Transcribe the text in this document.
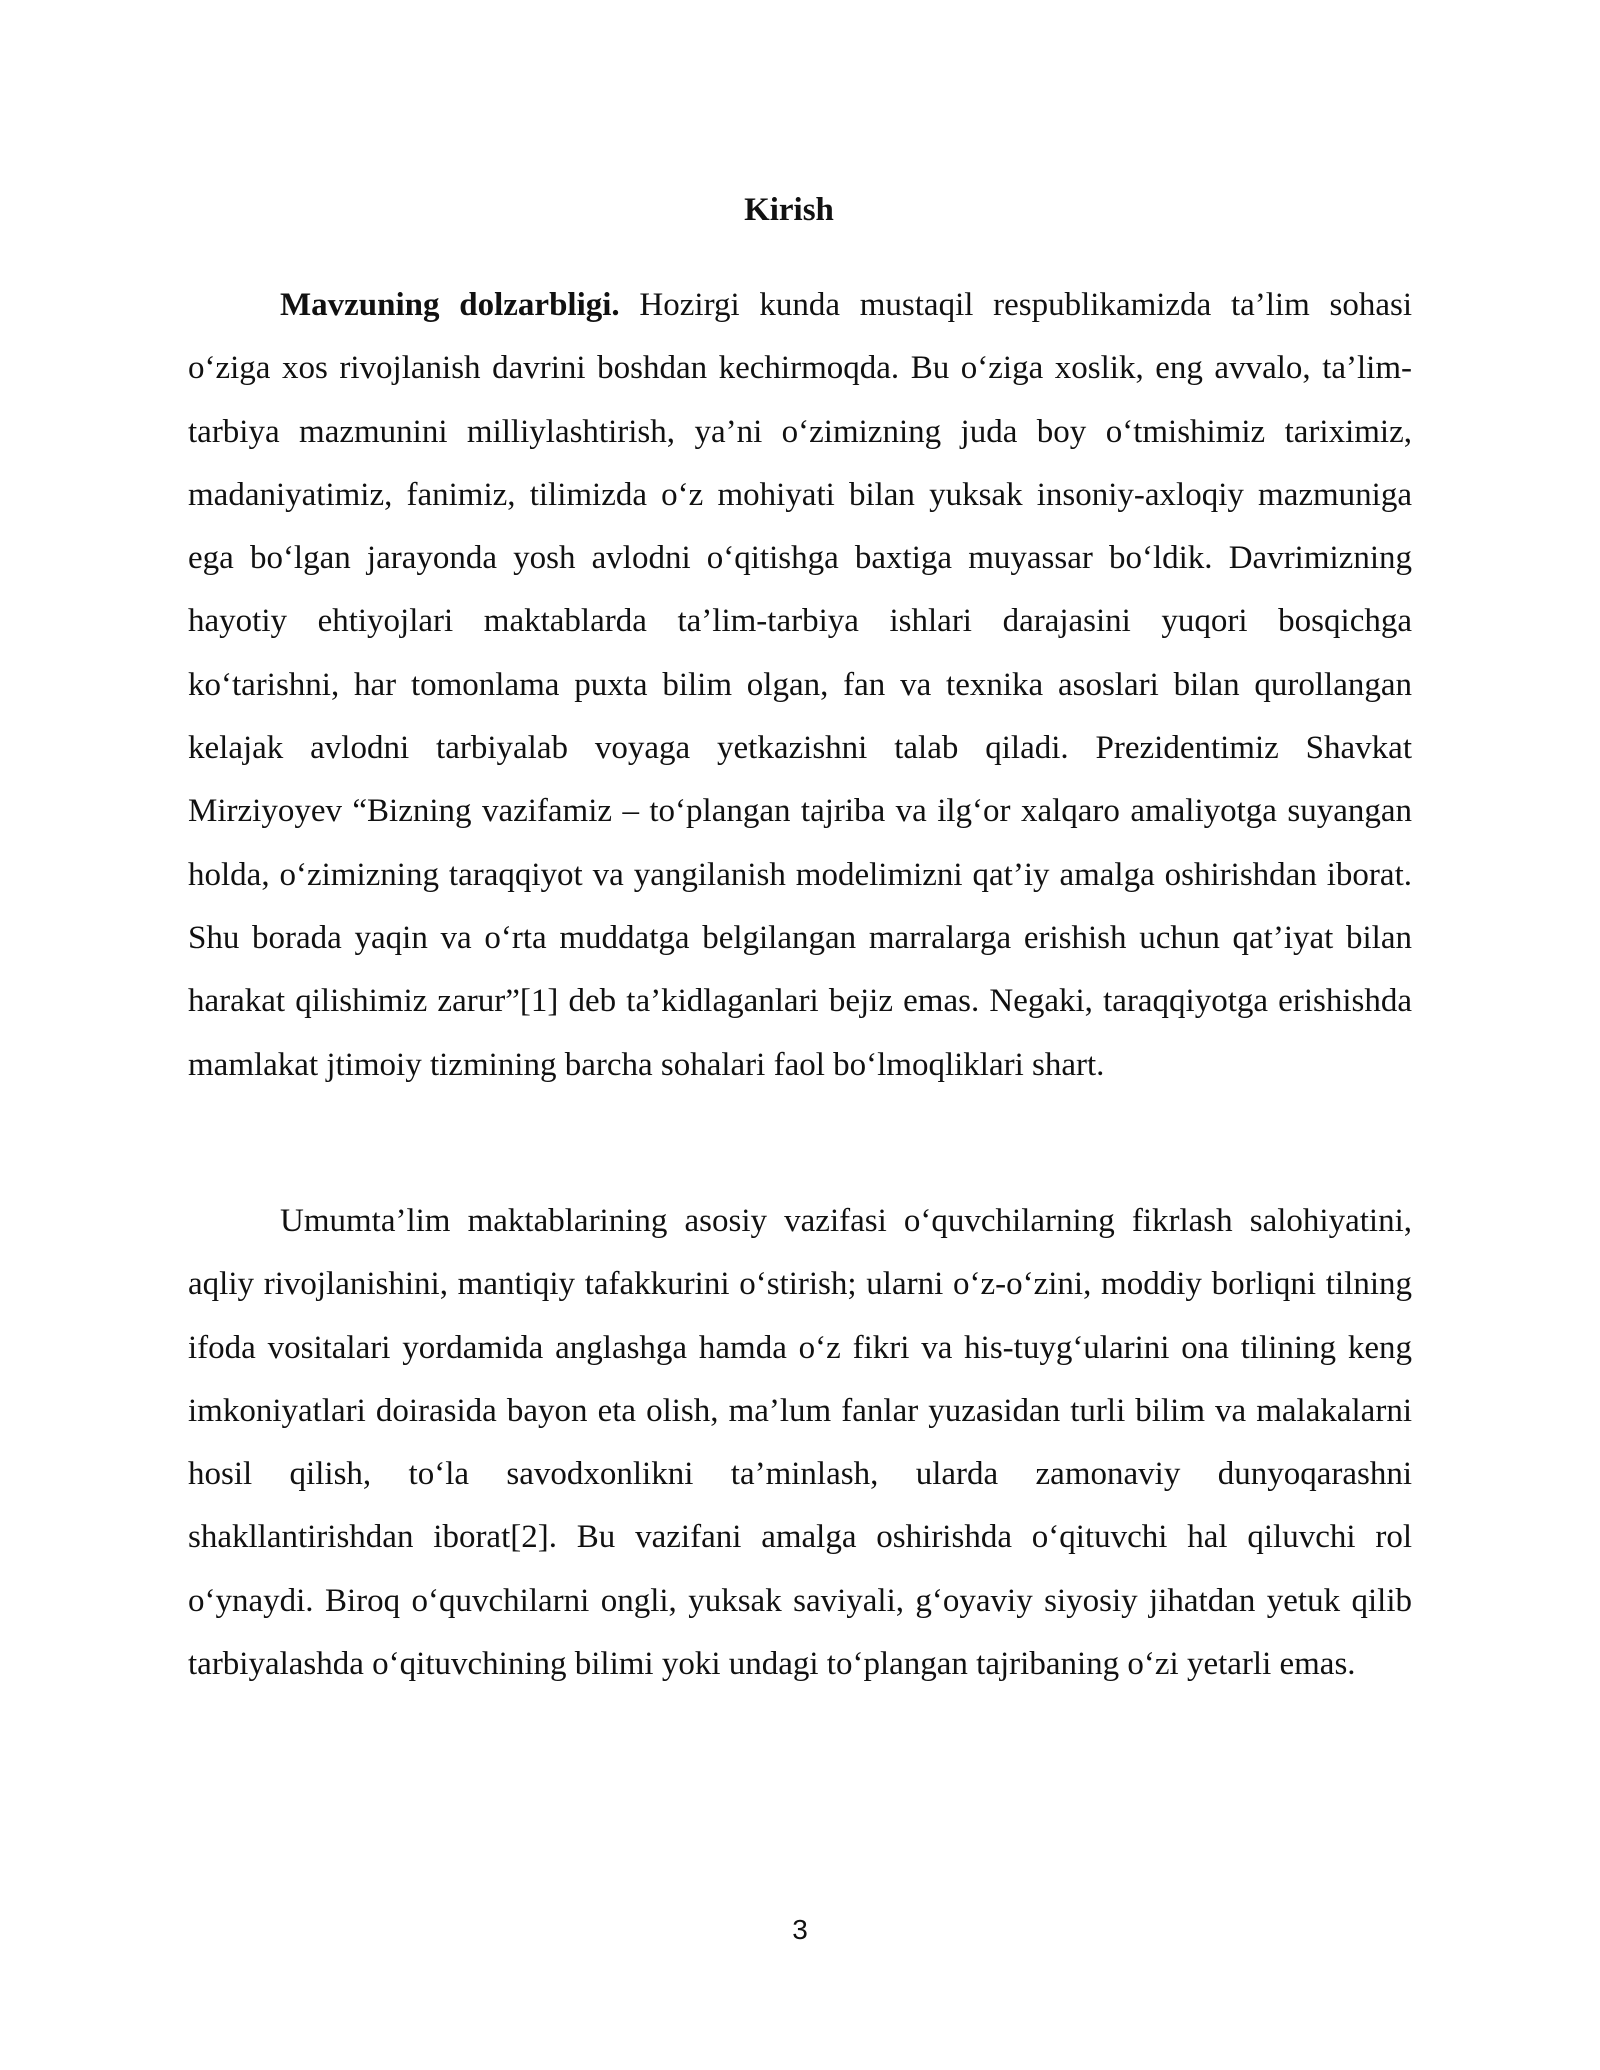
Kirish

Mavzuning dolzarbligi. Hozirgi kunda mustaqil respublikamizda ta’lim sohasi o‘ziga xos rivojlanish davrini boshdan kechirmoqda. Bu o‘ziga xoslik, eng avvalo, ta’lim-tarbiya mazmunini milliylashtirish, ya’ni o‘zimizning juda boy o‘tmishimiz tariximiz, madaniyatimiz, fanimiz, tilimizda o‘z mohiyati bilan yuksak insoniy-axloqiy mazmuniga ega bo‘lgan jarayonda yosh avlodni o‘qitishga baxtiga muyassar bo‘ldik. Davrimizning hayotiy ehtiyojlari maktablarda ta’lim-tarbiya ishlari darajasini yuqori bosqichga ko‘tarishni, har tomonlama puxta bilim olgan, fan va texnika asoslari bilan qurollangan kelajak avlodni tarbiyalab voyaga yetkazishni talab qiladi. Prezidentimiz Shavkat Mirziyoyev “Bizning vazifamiz – to‘plangan tajriba va ilg‘or xalqaro amaliyotga suyangan holda, o‘zimizning taraqqiyot va yangilanish modelimizni qat’iy amalga oshirishdan iborat. Shu borada yaqin va o‘rta muddatga belgilangan marralarga erishish uchun qat’iyat bilan harakat qilishimiz zarur”[1] deb ta’kidlaganlari bejiz emas. Negaki, taraqqiyotga erishishda mamlakat jtimoiy tizmining barcha sohalari faol bo‘lmoqliklari shart.

Umumta’lim maktablarining asosiy vazifasi o‘quvchilarning fikrlash salohiyatini, aqliy rivojlanishini, mantiqiy tafakkurini o‘stirish; ularni o‘z-o‘zini, moddiy borliqni tilning ifoda vositalari yordamida anglashga hamda o‘z fikri va his-tuyg‘ularini ona tilining keng imkoniyatlari doirasida bayon eta olish, ma’lum fanlar yuzasidan turli bilim va malakalarni hosil qilish, to‘la savodxonlikni ta’minlash, ularda zamonaviy dunyoqarashni shakllantirishdan iborat[2]. Bu vazifani amalga oshirishda o‘qituvchi hal qiluvchi rol o‘ynaydi. Biroq o‘quvchilarni ongli, yuksak saviyali, g‘oyaviy siyosiy jihatdan yetuk qilib tarbiyalashda o‘qituvchining bilimi yoki undagi to‘plangan tajribaning o‘zi yetarli emas.

3
